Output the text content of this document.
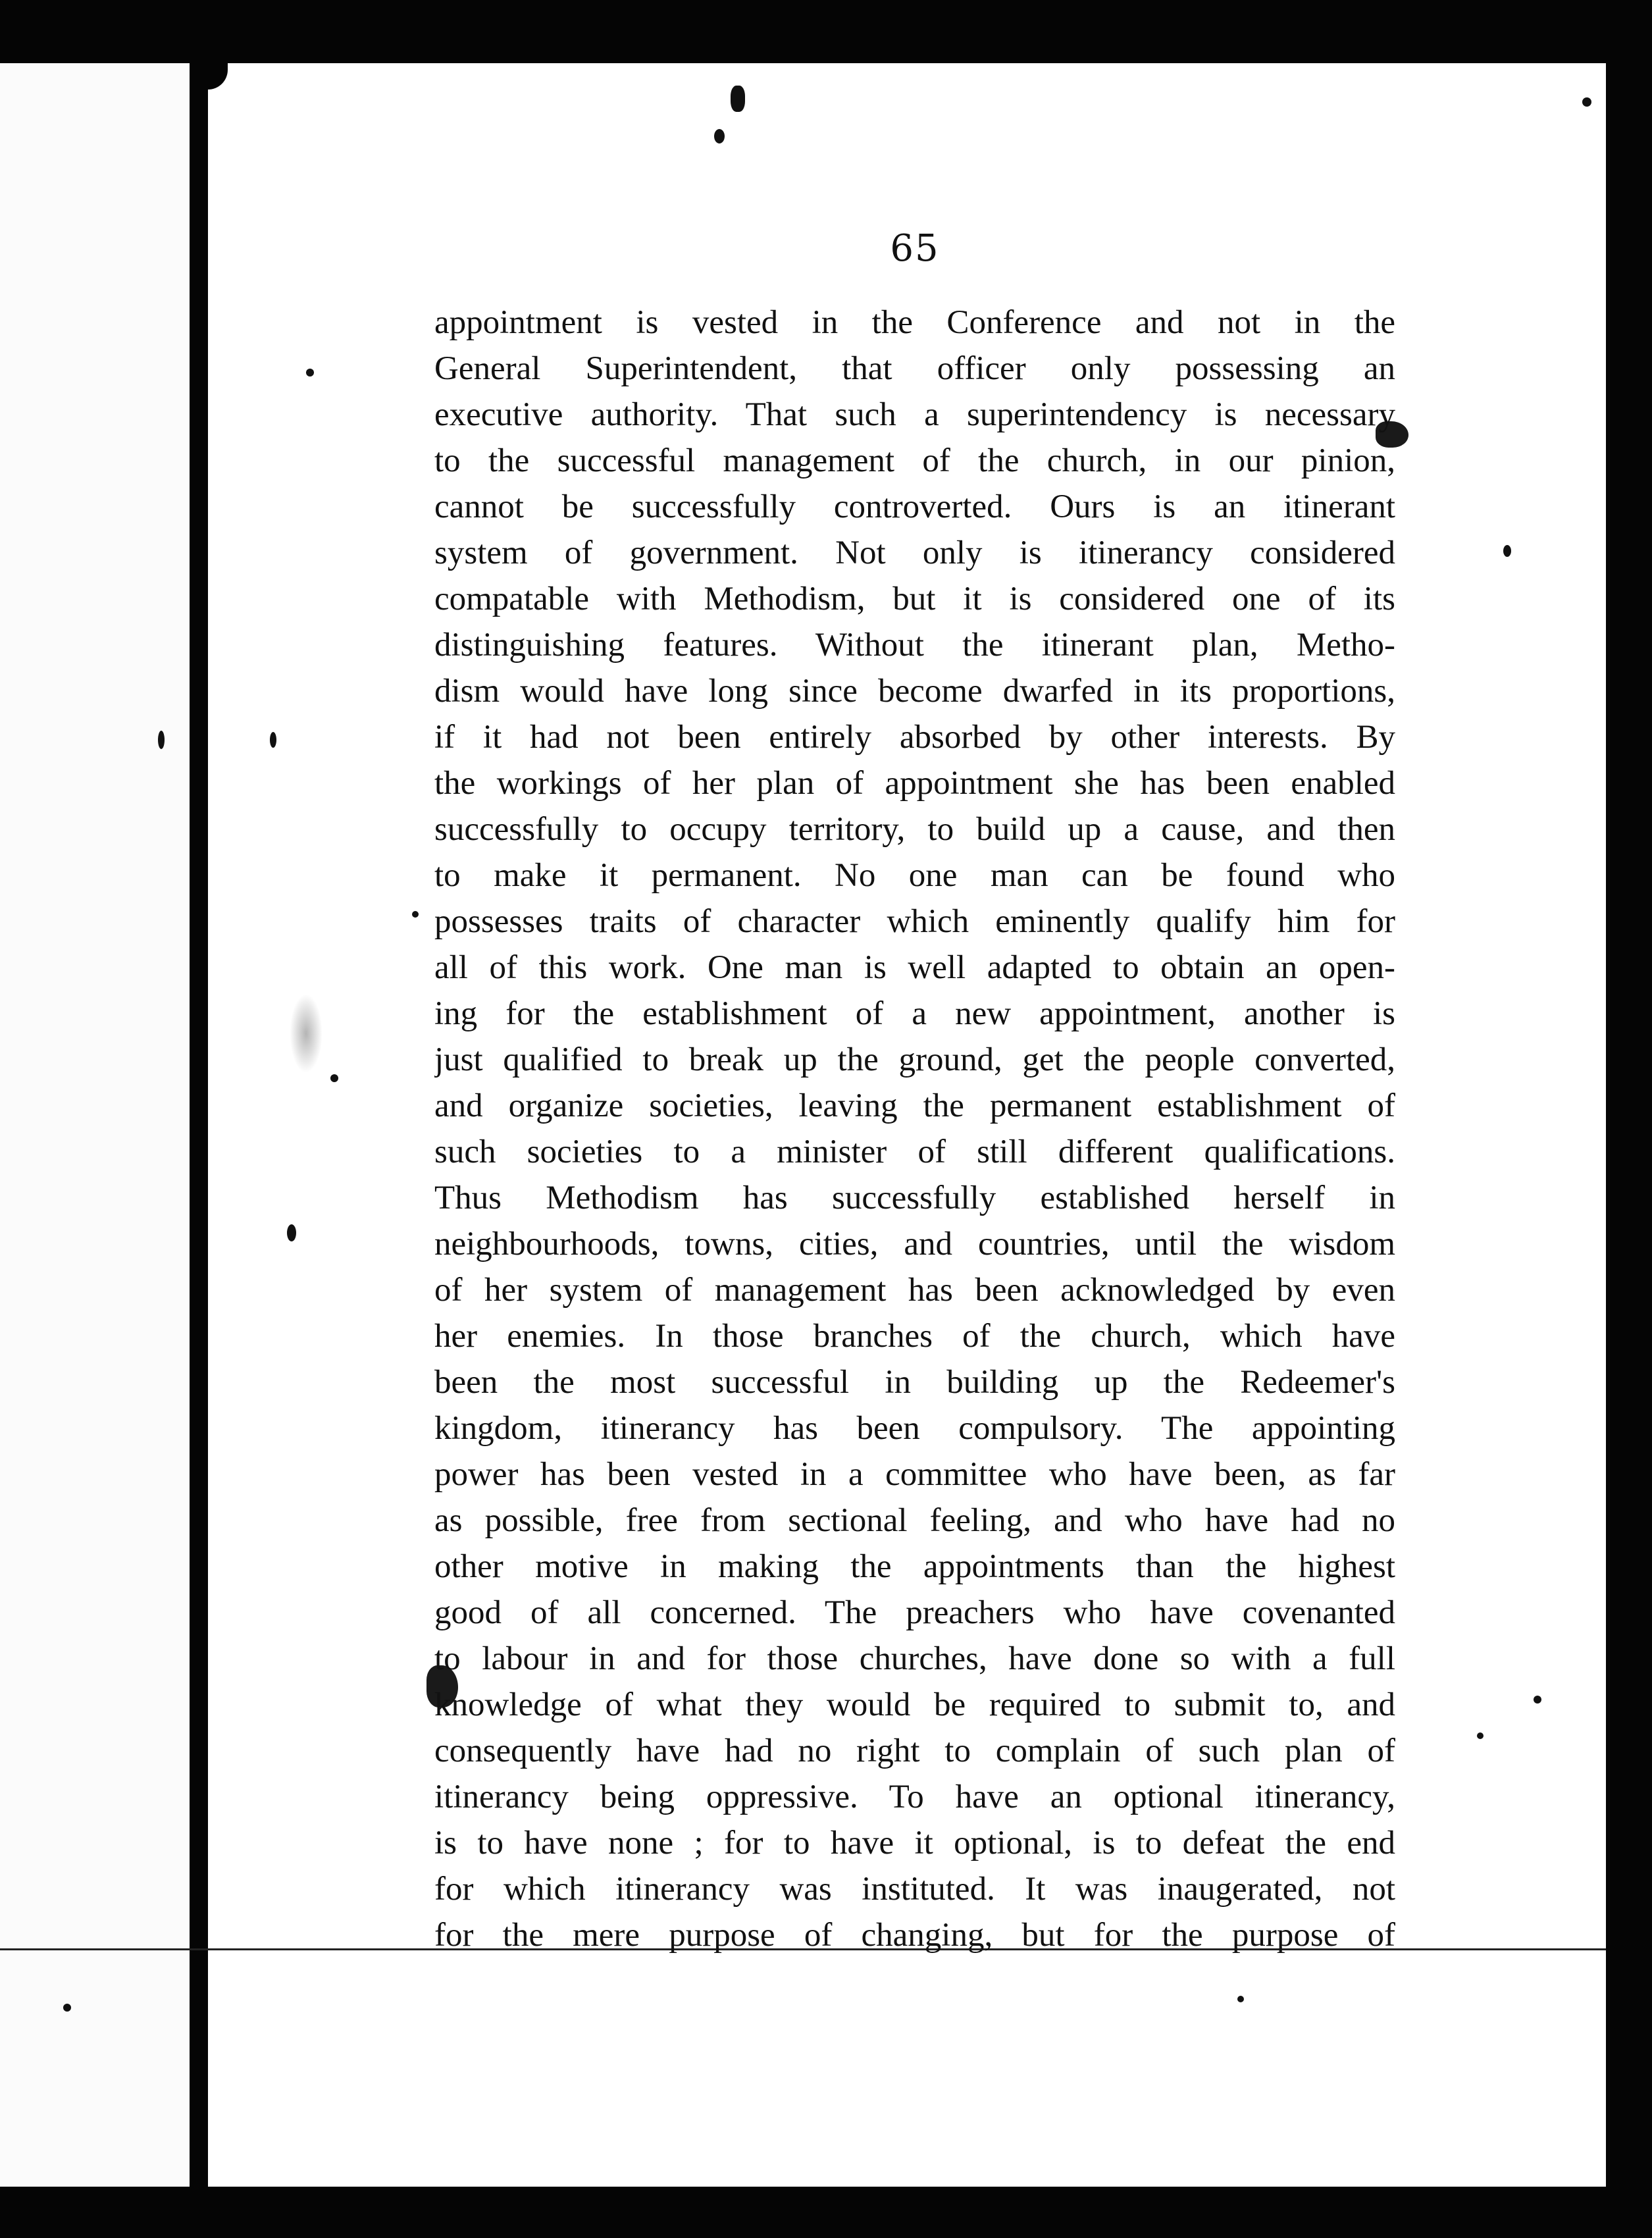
65
appointment is vested in the Conference and not in the
General Superintendent, that officer only possessing an
executive authority. That such a superintendency is necessary
to the successful management of the church, in our pinion,
cannot be successfully controverted. Ours is an itinerant
system of government. Not only is itinerancy considered
compatable with Methodism, but it is considered one of its
distinguishing features. Without the itinerant plan, Metho-
dism would have long since become dwarfed in its proportions,
if it had not been entirely absorbed by other interests. By
the workings of her plan of appointment she has been enabled
successfully to occupy territory, to build up a cause, and then
to make it permanent. No one man can be found who
possesses traits of character which eminently qualify him for
all of this work. One man is well adapted to obtain an open-
ing for the establishment of a new appointment, another is
just qualified to break up the ground, get the people converted,
and organize societies, leaving the permanent establishment of
such societies to a minister of still different qualifications.
Thus Methodism has successfully established herself in
neighbourhoods, towns, cities, and countries, until the wisdom
of her system of management has been acknowledged by even
her enemies. In those branches of the church, which have
been the most successful in building up the Redeemer's
kingdom, itinerancy has been compulsory. The appointing
power has been vested in a committee who have been, as far
as possible, free from sectional feeling, and who have had no
other motive in making the appointments than the highest
good of all concerned. The preachers who have covenanted
to labour in and for those churches, have done so with a full
knowledge of what they would be required to submit to, and
consequently have had no right to complain of such plan of
itinerancy being oppressive. To have an optional itinerancy,
is to have none ; for to have it optional, is to defeat the end
for which itinerancy was instituted. It was inaugerated, not
for the mere purpose of changing, but for the purpose of
